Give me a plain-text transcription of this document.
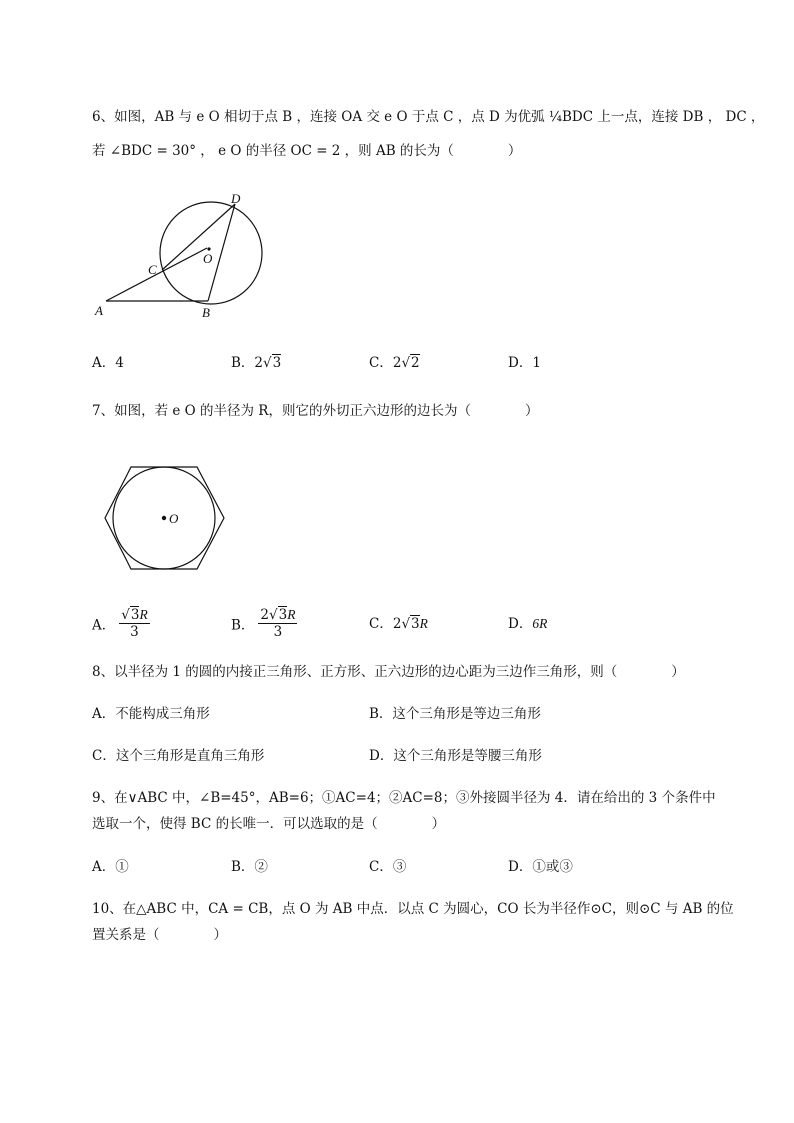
6、如图，AB 与 e O 相切于点 B ，连接 OA 交 e O 于点 C ，点 D 为优弧 ¼BDC 上一点，连接 DB ， DC ，
若 ∠BDC = 30° ， e O 的半径 OC = 2 ，则 AB 的长为（　　　　）
D
O
C
A	B
A．4	B．2√3	C．2√2	D．1
7、如图，若 e O 的半径为 R，则它的外切正六边形的边长为（　　　　）
O
A． $\frac{√3R}{3}$	B． $\frac{2√3R}{3}$	C．2√3R	D．6R
8、以半径为 1 的圆的内接正三角形、正方形、正六边形的边心距为三边作三角形，则（　　　　）
A．不能构成三角形	B．这个三角形是等边三角形
C．这个三角形是直角三角形	D．这个三角形是等腰三角形
9、在∨ABC 中，∠B=45°，AB=6；①AC=4；②AC=8；③外接圆半径为 4．请在给出的 3 个条件中
选取一个，使得 BC 的长唯一．可以选取的是（　　　　）
A．①	B．②	C．③	D．①或③
10、在△ABC 中，CA = CB，点 O 为 AB 中点．以点 C 为圆心，CO 长为半径作⊙C，则⊙C 与 AB 的位
置关系是（　　　　）
